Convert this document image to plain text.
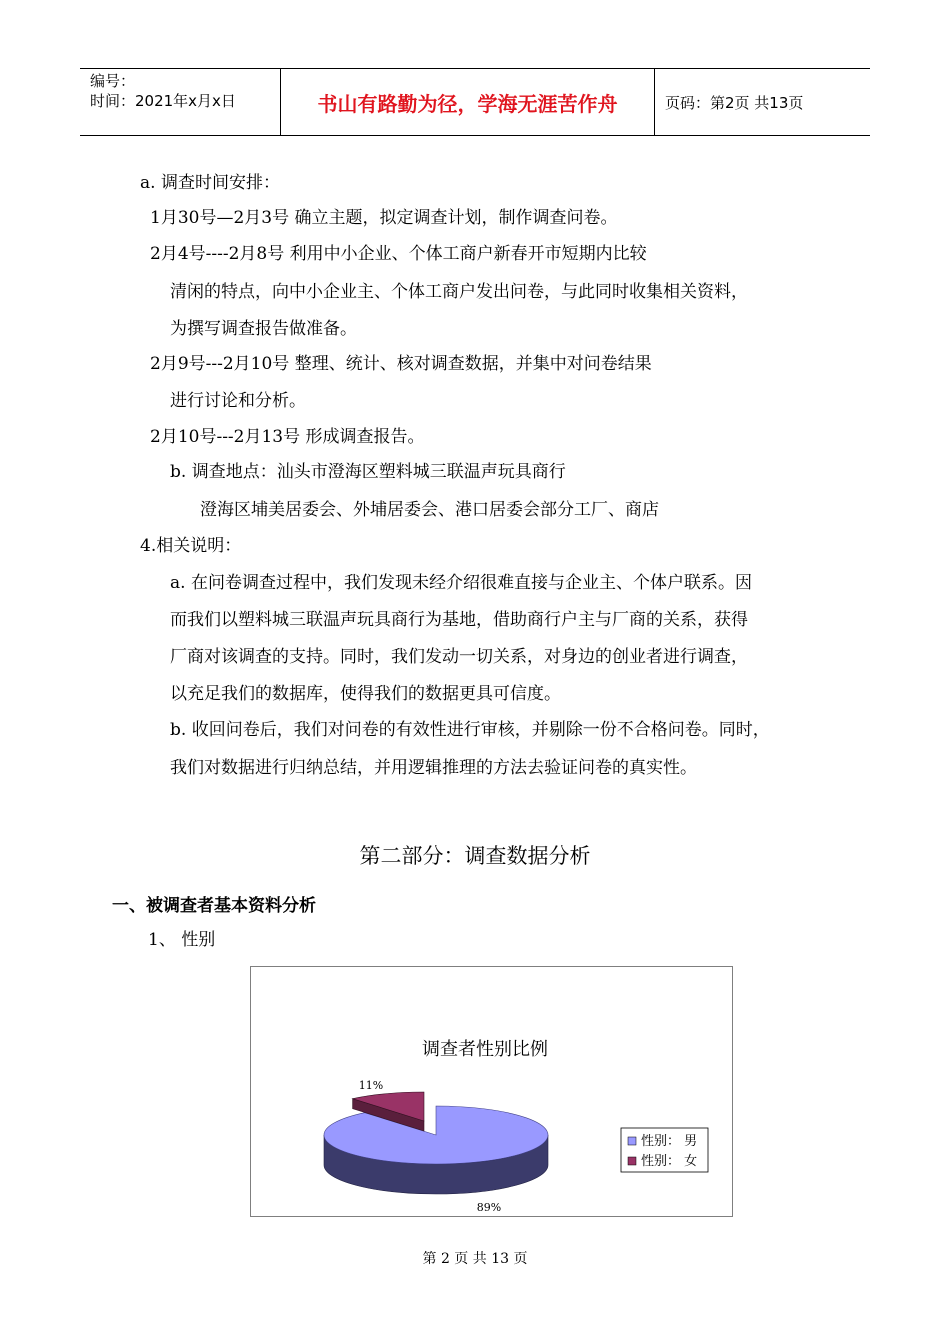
编号：
时间：2021年x月x日	书山有路勤为径，学海无涯苦作舟	页码：第2页 共13页
a. 调查时间安排：
1月30号—2月3号 确立主题，拟定调查计划，制作调查问卷。
2月4号----2月8号 利用中小企业、个体工商户新春开市短期内比较
清闲的特点，向中小企业主、个体工商户发出问卷，与此同时收集相关资料，
为撰写调查报告做准备。
2月9号---2月10号 整理、统计、核对调查数据，并集中对问卷结果
进行讨论和分析。
2月10号---2月13号 形成调查报告。
b. 调查地点：汕头市澄海区塑料城三联温声玩具商行
澄海区埔美居委会、外埔居委会、港口居委会部分工厂、商店
4.相关说明：
a. 在问卷调查过程中，我们发现未经介绍很难直接与企业主、个体户联系。因
而我们以塑料城三联温声玩具商行为基地，借助商行户主与厂商的关系，获得
厂商对该调查的支持。同时，我们发动一切关系，对身边的创业者进行调查，
以充足我们的数据库，使得我们的数据更具可信度。
b. 收回问卷后，我们对问卷的有效性进行审核，并剔除一份不合格问卷。同时，
我们对数据进行归纳总结，并用逻辑推理的方法去验证问卷的真实性。
第二部分：调查数据分析
一、被调查者基本资料分析
1、 性别
调查者性别比例
11%
89%
性别： 男
性别： 女
第 2 页 共 13 页
